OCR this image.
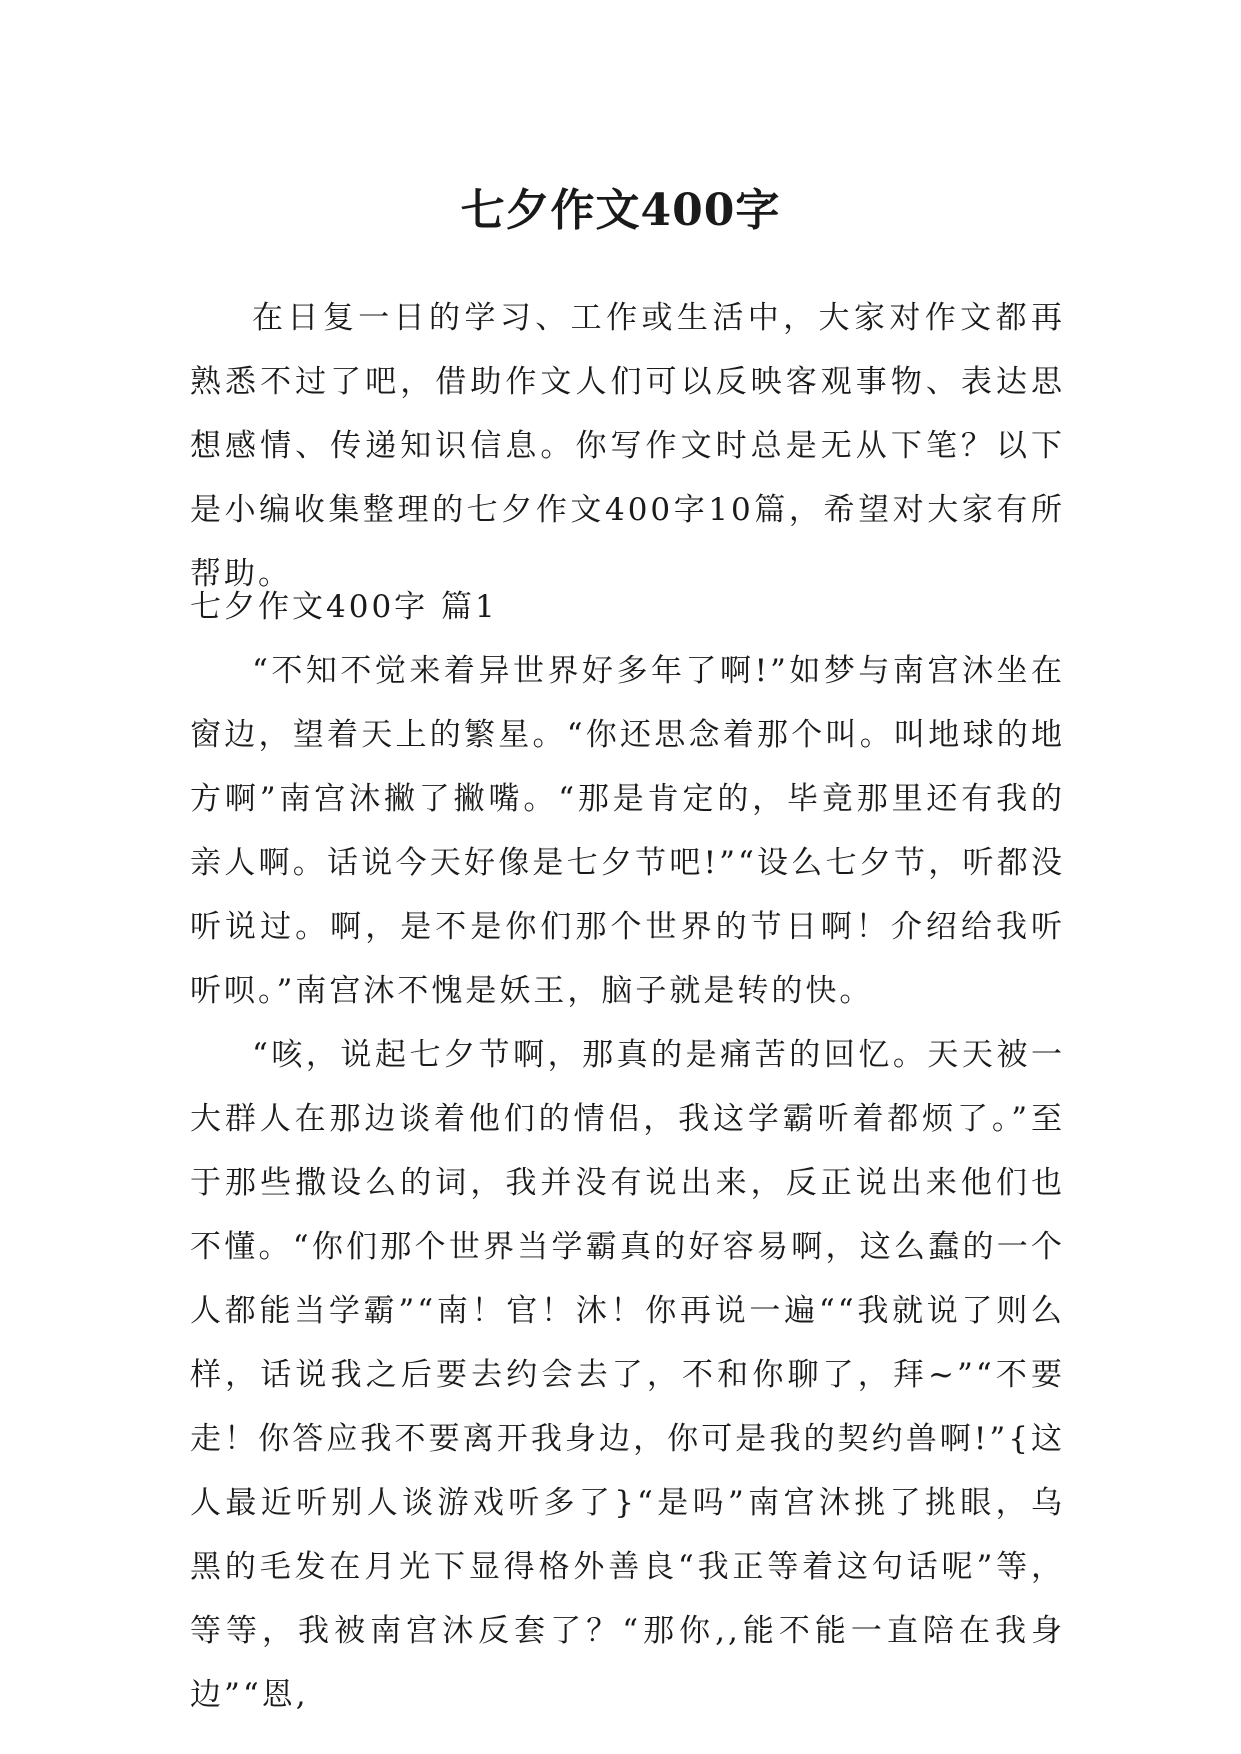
七夕作文400字

在日复一日的学习、工作或生活中，大家对作文都再熟悉不过了吧，借助作文人们可以反映客观事物、表达思想感情、传递知识信息。你写作文时总是无从下笔？以下是小编收集整理的七夕作文400字10篇，希望对大家有所帮助。

七夕作文400字 篇1

“不知不觉来着异世界好多年了啊!”如梦与南宫沐坐在窗边，望着天上的繁星。“你还思念着那个叫。叫地球的地方啊”南宫沐撇了撇嘴。“那是肯定的，毕竟那里还有我的亲人啊。话说今天好像是七夕节吧!”“设么七夕节，听都没听说过。啊，是不是你们那个世界的节日啊！介绍给我听听呗。”南宫沐不愧是妖王，脑子就是转的快。

“咳，说起七夕节啊，那真的是痛苦的回忆。天天被一大群人在那边谈着他们的情侣，我这学霸听着都烦了。”至于那些撒设么的词，我并没有说出来，反正说出来他们也不懂。“你们那个世界当学霸真的好容易啊，这么蠢的一个人都能当学霸”“南！官！沐！你再说一遍““我就说了则么样，话说我之后要去约会去了，不和你聊了，拜~”“不要走！你答应我不要离开我身边，你可是我的契约兽啊!”{这人最近听别人谈游戏听多了}“是吗”南宫沐挑了挑眼，乌黑的毛发在月光下显得格外善良“我正等着这句话呢”等，等等，我被南宫沐反套了？“那你,,能不能一直陪在我身边”“恩,
